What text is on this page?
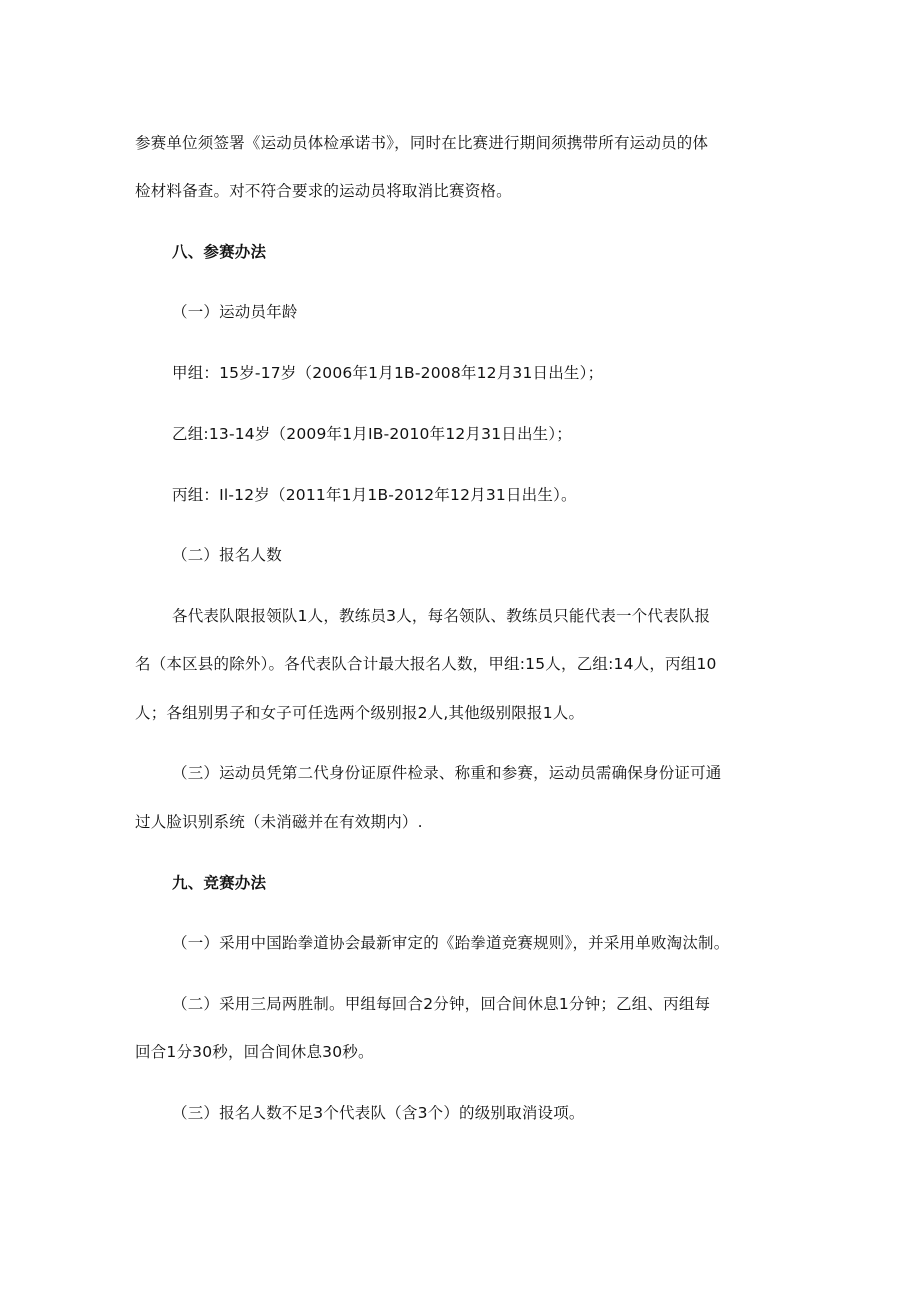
参赛单位须签署《运动员体检承诺书》，同时在比赛进行期间须携带所有运动员的体

检材料备查。对不符合要求的运动员将取消比赛资格。

八、参赛办法

（一）运动员年龄

甲组：15岁-17岁（2006年1月1B-2008年12月31日出生）；

乙组:13-14岁（2009年1月IB-2010年12月31日出生）；

丙组：Il-12岁（2011年1月1B-2012年12月31日出生）。

（二）报名人数

各代表队限报领队1人，教练员3人，每名领队、教练员只能代表一个代表队报

名（本区县的除外）。各代表队合计最大报名人数，甲组:15人，乙组:14人，丙组10

人；各组别男子和女子可任选两个级别报2人,其他级别限报1人。

（三）运动员凭第二代身份证原件检录、称重和参赛，运动员需确保身份证可通

过人脸识别系统（未消磁并在有效期内）.

九、竞赛办法

（一）采用中国跆拳道协会最新审定的《跆拳道竞赛规则》，并采用单败淘汰制。

（二）采用三局两胜制。甲组每回合2分钟，回合间休息1分钟；乙组、丙组每

回合1分30秒，回合间休息30秒。

（三）报名人数不足3个代表队（含3个）的级别取消设项。
